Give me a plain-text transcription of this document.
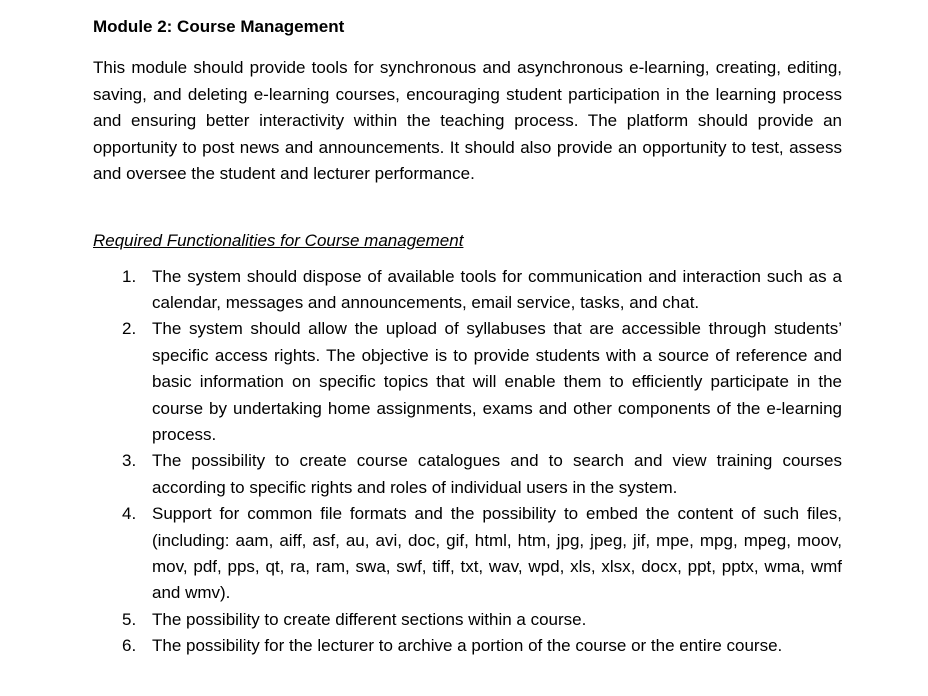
Module 2: Course Management

This module should provide tools for synchronous and asynchronous e-learning, creating, editing, saving, and deleting e-learning courses, encouraging student participation in the learning process and ensuring better interactivity within the teaching process. The platform should provide an opportunity to post news and announcements. It should also provide an opportunity to test, assess and oversee the student and lecturer performance.

Required Functionalities for Course management
1. The system should dispose of available tools for communication and interaction such as a calendar, messages and announcements, email service, tasks, and chat.
2. The system should allow the upload of syllabuses that are accessible through students’ specific access rights. The objective is to provide students with a source of reference and basic information on specific topics that will enable them to efficiently participate in the course by undertaking home assignments, exams and other components of the e-learning process.
3. The possibility to create course catalogues and to search and view training courses according to specific rights and roles of individual users in the system.
4. Support for common file formats and the possibility to embed the content of such files, (including: aam, aiff, asf, au, avi, doc, gif, html, htm, jpg, jpeg, jif, mpe, mpg, mpeg, moov, mov, pdf, pps, qt, ra, ram, swa, swf, tiff, txt, wav, wpd, xls, xlsx, docx, ppt, pptx, wma, wmf and wmv).
5. The possibility to create different sections within a course.
6. The possibility for the lecturer to archive a portion of the course or the entire course.
